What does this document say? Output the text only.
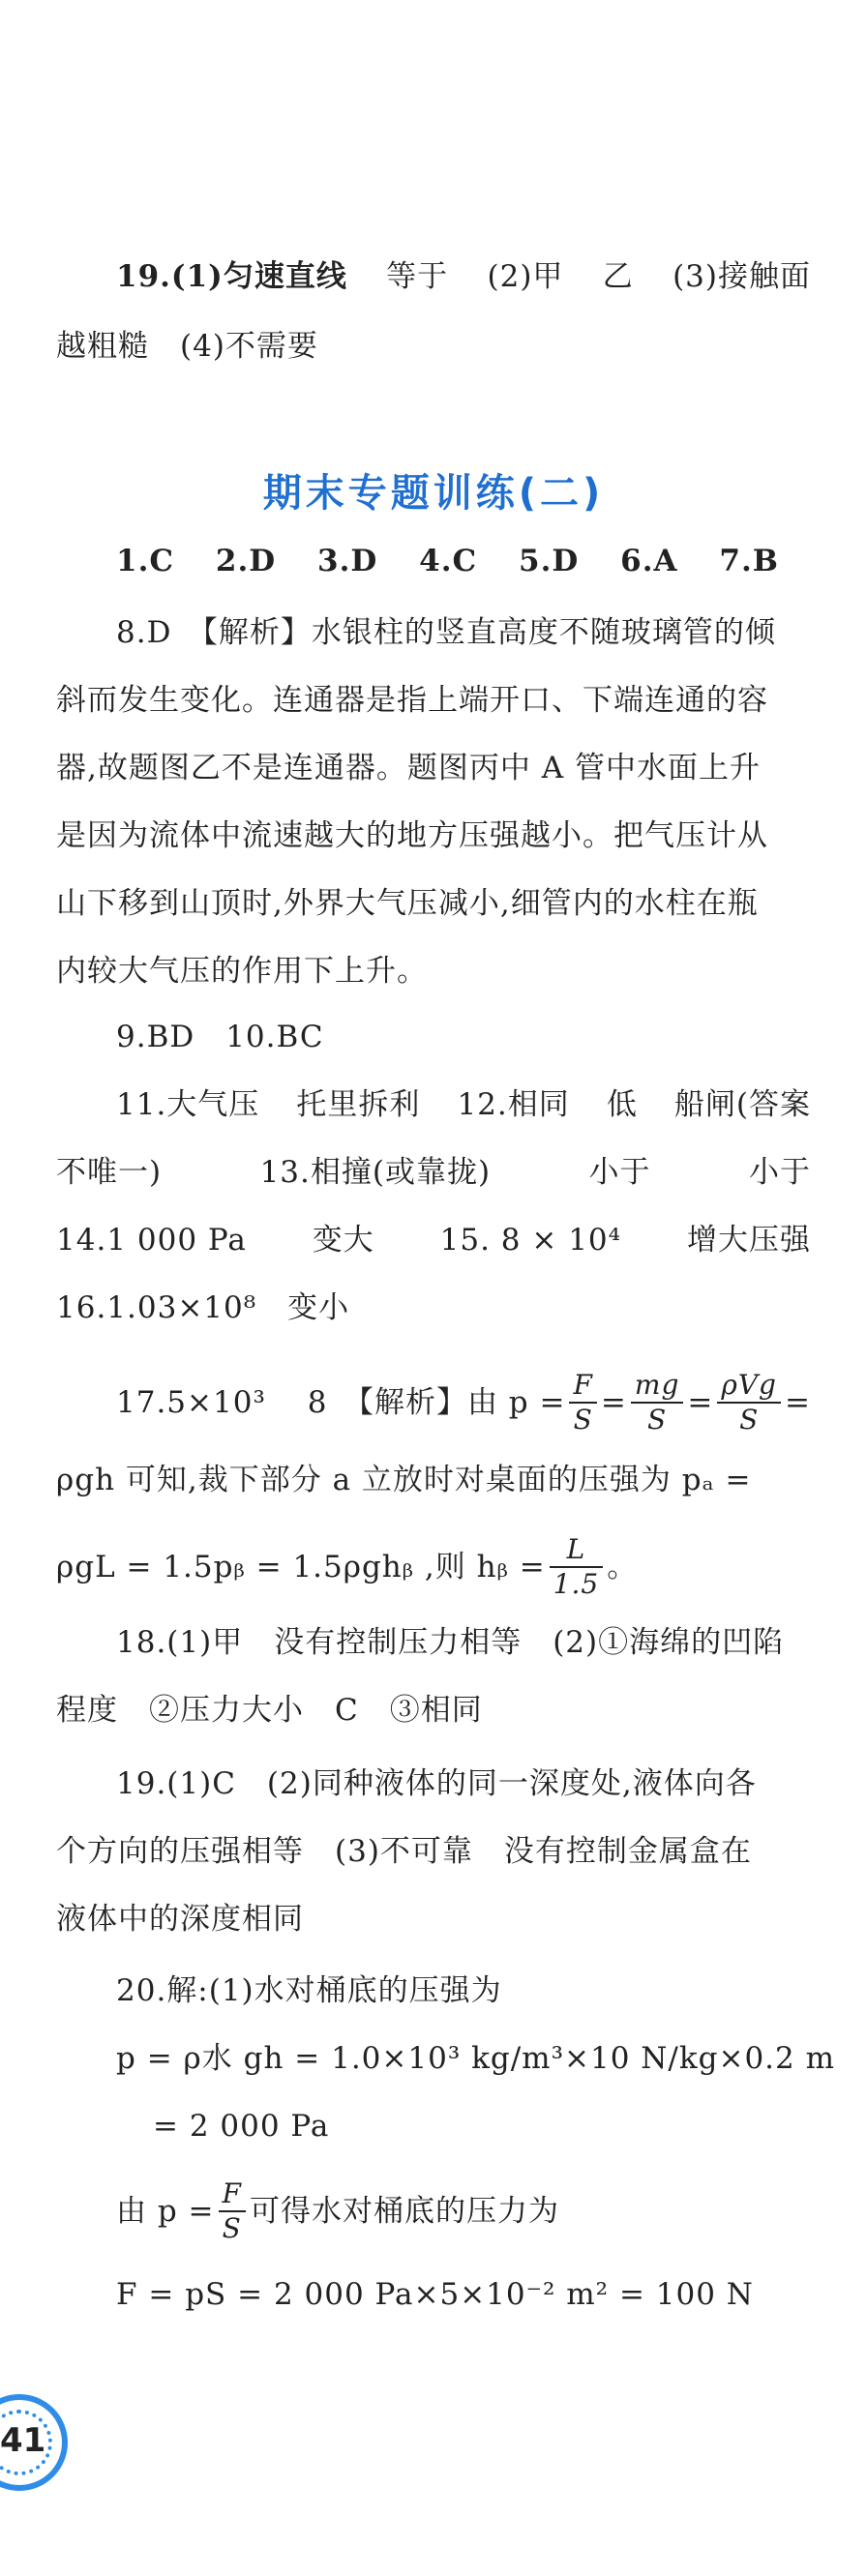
19.(1)匀速直线 等于 (2)甲 乙 (3)接触面
越粗糙　(4)不需要
期末专题训练(二)
1.C　 2.D　 3.D　 4.C　 5.D　 6.A　 7.B
8.D　【解析】水银柱的竖直高度不随玻璃管的倾
斜而发生变化。连通器是指上端开口、下端连通的容
器,故题图乙不是连通器。题图丙中 A 管中水面上升
是因为流体中流速越大的地方压强越小。把气压计从
山下移到山顶时,外界大气压减小,细管内的水柱在瓶
内较大气压的作用下上升。
9.BD　10.BC
11.大气压 托里拆利 12.相同 低 船闸(答案
不唯一)	13.相撞(或靠拢)	小于	小于
14.1 000 Pa 变大 15. 8 × 10⁴ 增大压强
16.1.03×10⁸　变小
17.5×10³　 8　【解析】由 $p = \frac{F}{S} = \frac{mg}{S} = \frac{\text{ρVg}}{S}$ =
ρgh 可知,裁下部分 a 立放时对桌面的压强为 pₐ =
ρgL = 1.5pᵦ = 1.5ρghᵦ ,则 hᵦ = $\frac{L}{1.5}$ 。
18.(1)甲　没有控制压力相等　(2)①海绵的凹陷
程度　②压力大小　C　③相同
19.(1)C　(2)同种液体的同一深度处,液体向各
个方向的压强相等　(3)不可靠　没有控制金属盒在
液体中的深度相同
20.解:(1)水对桶底的压强为
p = ρ水 gh = 1.0×10³ kg/m³×10 N/kg×0.2 m
= 2 000 Pa
由 $p = \frac{F}{S}$ 可得水对桶底的压力为
F = pS = 2 000 Pa×5×10⁻² m² = 100 N
41
